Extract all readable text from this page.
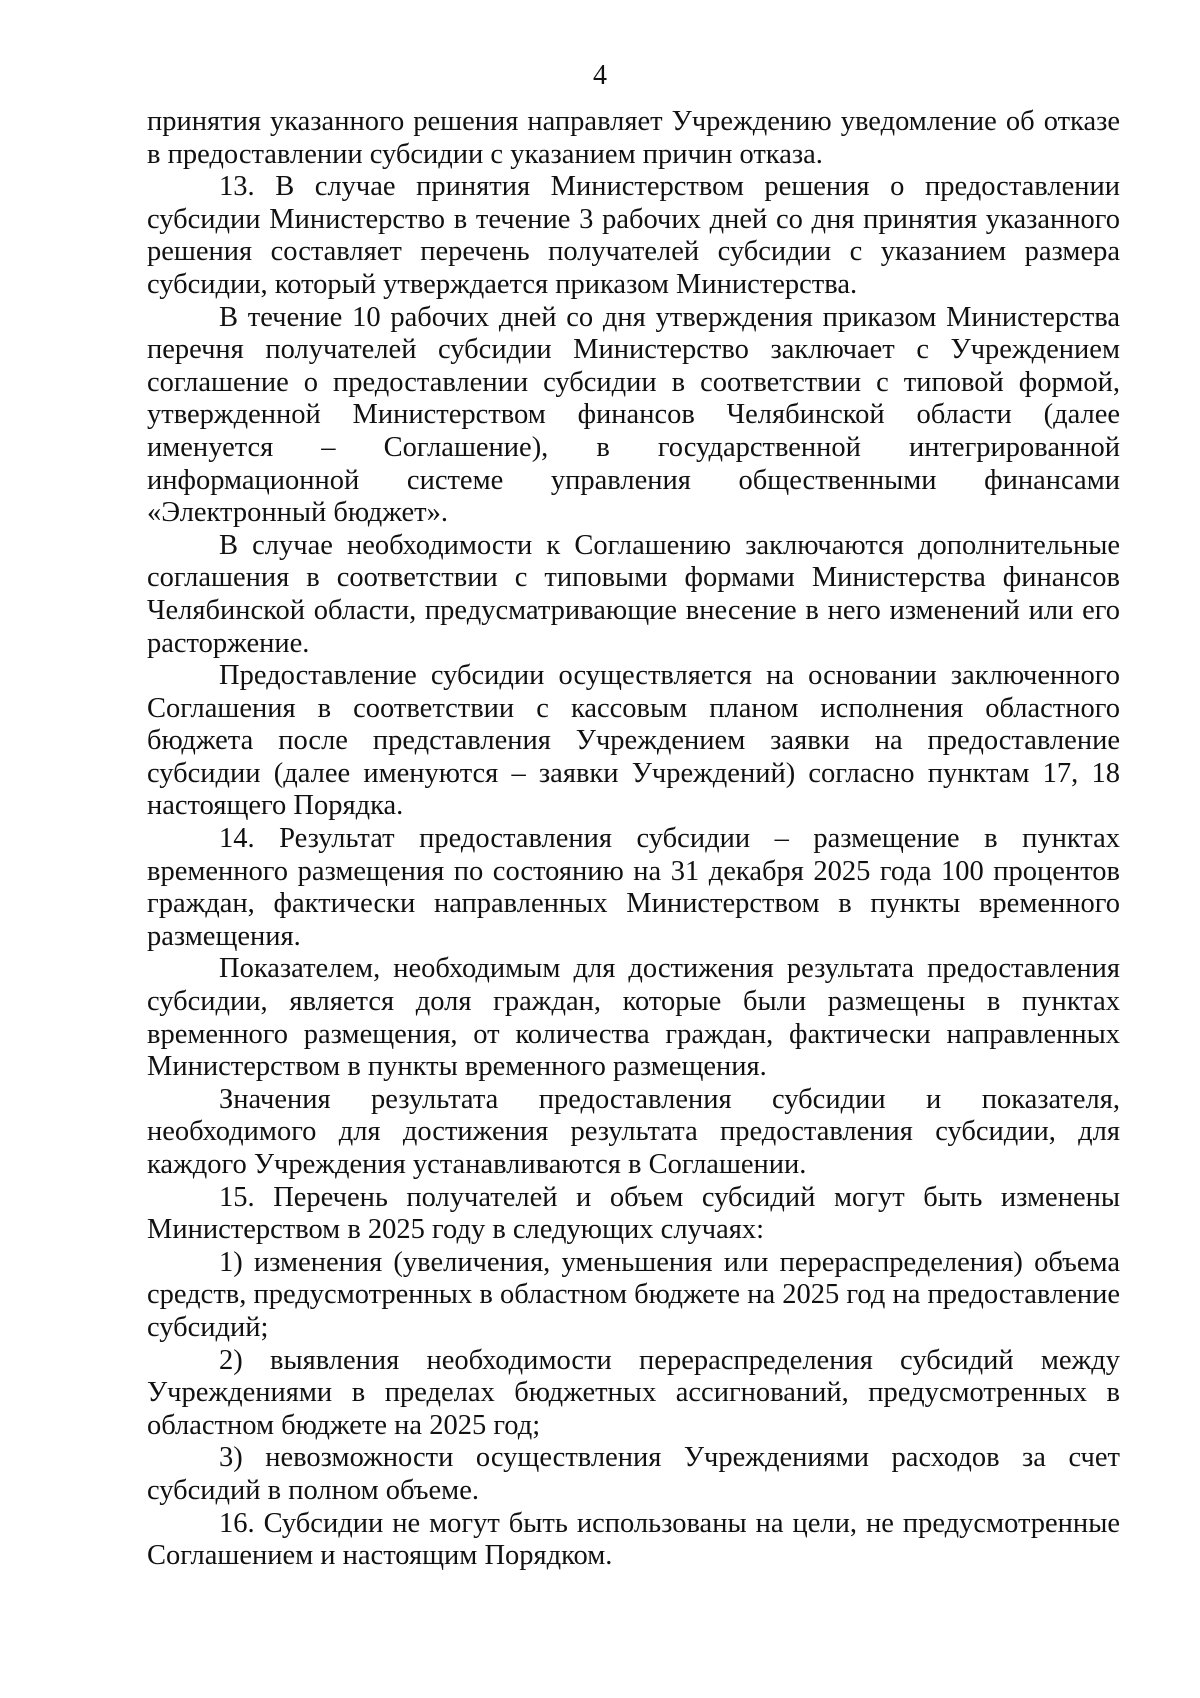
4

принятия указанного решения направляет Учреждению уведомление об отказе в предоставлении субсидии с указанием причин отказа.

13. В случае принятия Министерством решения о предоставлении субсидии Министерство в течение 3 рабочих дней со дня принятия указанного решения составляет перечень получателей субсидии с указанием размера субсидии, который утверждается приказом Министерства.

В течение 10 рабочих дней со дня утверждения приказом Министерства перечня получателей субсидии Министерство заключает с Учреждением соглашение о предоставлении субсидии в соответствии с типовой формой, утвержденной Министерством финансов Челябинской области (далее именуется – Соглашение), в государственной интегрированной информационной системе управления общественными финансами «Электронный бюджет».

В случае необходимости к Соглашению заключаются дополнительные соглашения в соответствии с типовыми формами Министерства финансов Челябинской области, предусматривающие внесение в него изменений или его расторжение.

Предоставление субсидии осуществляется на основании заключенного Соглашения в соответствии с кассовым планом исполнения областного бюджета после представления Учреждением заявки на предоставление субсидии (далее именуются – заявки Учреждений) согласно пунктам 17, 18 настоящего Порядка.

14. Результат предоставления субсидии – размещение в пунктах временного размещения по состоянию на 31 декабря 2025 года 100 процентов граждан, фактически направленных Министерством в пункты временного размещения.

Показателем, необходимым для достижения результата предоставления субсидии, является доля граждан, которые были размещены в пунктах временного размещения, от количества граждан, фактически направленных Министерством в пункты временного размещения.

Значения результата предоставления субсидии и показателя, необходимого для достижения результата предоставления субсидии, для каждого Учреждения устанавливаются в Соглашении.

15. Перечень получателей и объем субсидий могут быть изменены Министерством в 2025 году в следующих случаях:

1) изменения (увеличения, уменьшения или перераспределения) объема средств, предусмотренных в областном бюджете на 2025 год на предоставление субсидий;

2) выявления необходимости перераспределения субсидий между Учреждениями в пределах бюджетных ассигнований, предусмотренных в областном бюджете на 2025 год;

3) невозможности осуществления Учреждениями расходов за счет субсидий в полном объеме.

16. Субсидии не могут быть использованы на цели, не предусмотренные Соглашением и настоящим Порядком.
